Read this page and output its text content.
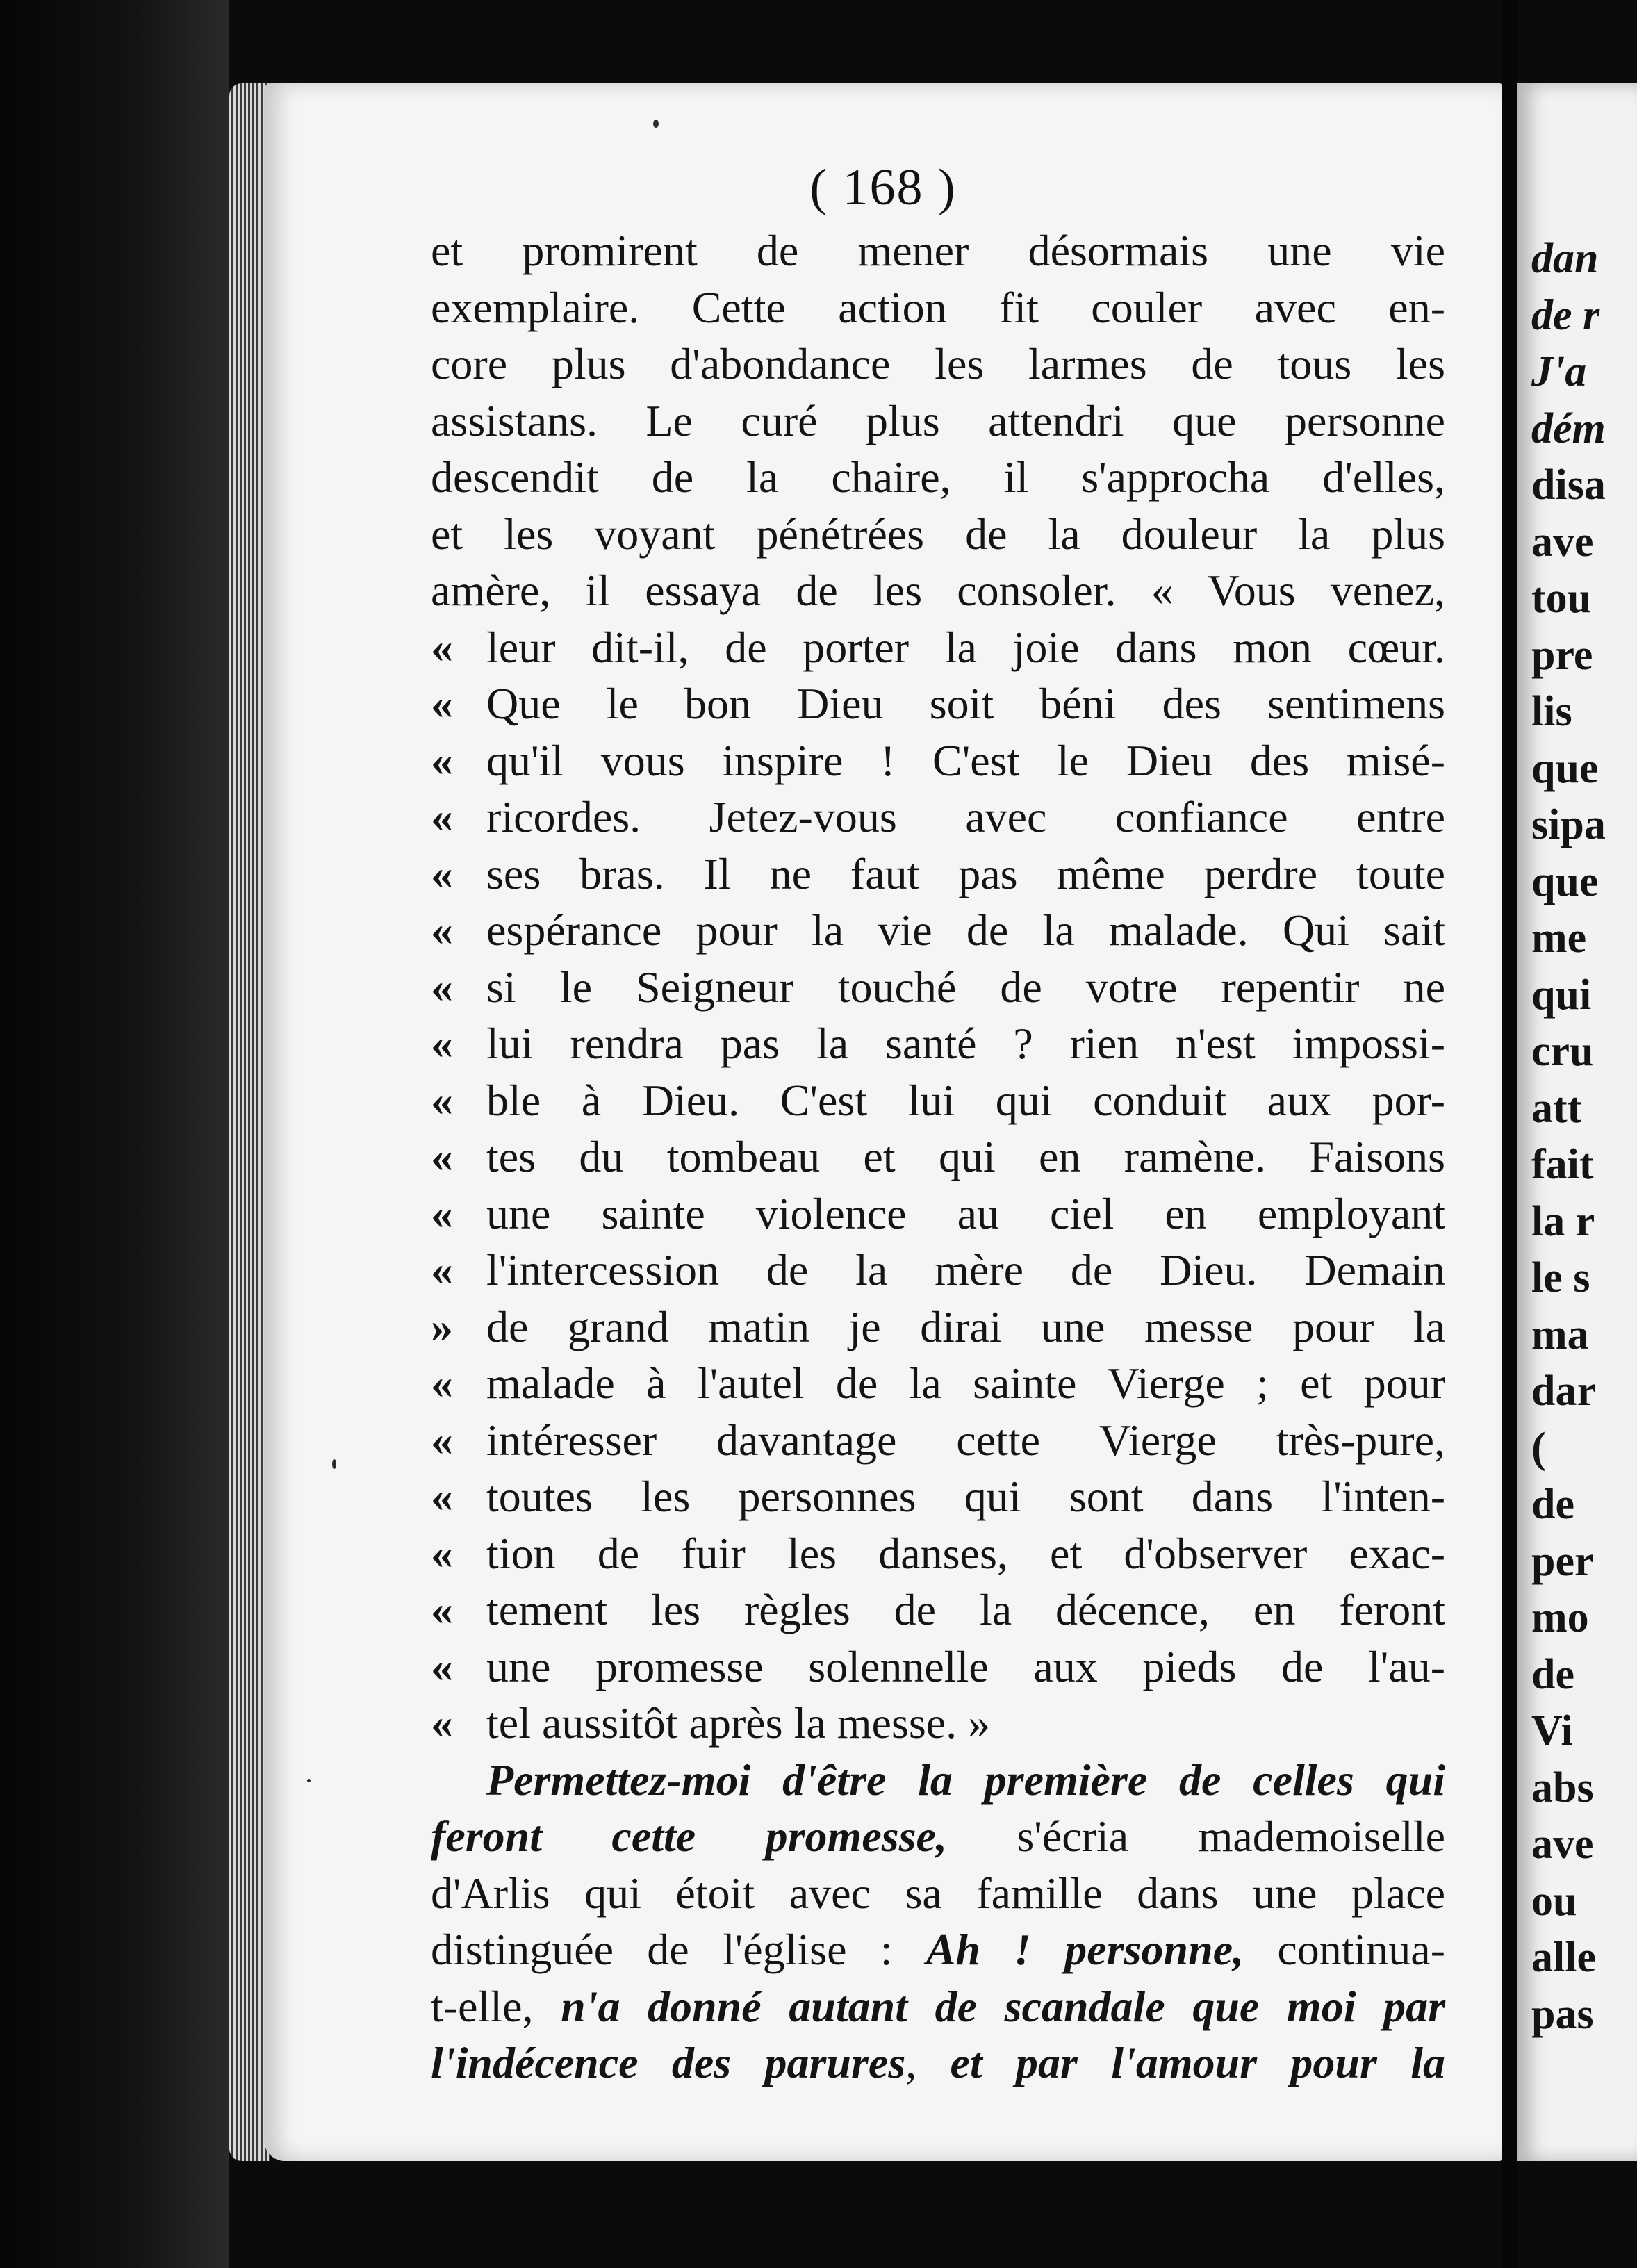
( 168 )
et promirent de mener désormais une vie
exemplaire. Cette action fit couler avec en-
core plus d'abondance les larmes de tous les
assistans. Le curé plus attendri que personne
descendit de la chaire, il s'approcha d'elles,
et les voyant pénétrées de la douleur la plus
amère, il essaya de les consoler. « Vous venez,
« leur dit-il, de porter la joie dans mon cœur.
« Que le bon Dieu soit béni des sentimens
« qu'il vous inspire ! C'est le Dieu des misé-
« ricordes. Jetez-vous avec confiance entre
« ses bras. Il ne faut pas même perdre toute
« espérance pour la vie de la malade. Qui sait
« si le Seigneur touché de votre repentir ne
« lui rendra pas la santé ? rien n'est impossi-
« ble à Dieu. C'est lui qui conduit aux por-
« tes du tombeau et qui en ramène. Faisons
« une sainte violence au ciel en employant
« l'intercession de la mère de Dieu. Demain
» de grand matin je dirai une messe pour la
« malade à l'autel de la sainte Vierge ; et pour
« intéresser davantage cette Vierge très-pure,
« toutes les personnes qui sont dans l'inten-
« tion de fuir les danses, et d'observer exac-
« tement les règles de la décence, en feront
« une promesse solennelle aux pieds de l'au-
« tel aussitôt après la messe. »
Permettez-moi d'être la première de celles qui
feront cette promesse, s'écria mademoiselle
d'Arlis qui étoit avec sa famille dans une place
distinguée de l'église : Ah ! personne, continua-
t-elle, n'a donné autant de scandale que moi par
l'indécence des parures, et par l'amour pour la
dan
de r
J'a
dém
disa
ave
tou
pre
lis
que
sipa
que
me
qui
cru
att
fait
la r
le s
ma
dar
(
de
per
mo
de
Vi
abs
ave
ou
alle
pas
